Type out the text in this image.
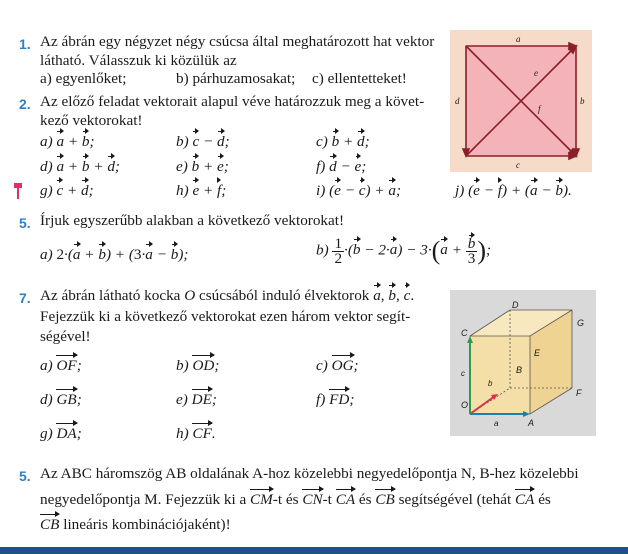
1. Az ábrán egy négyzet négy csúcsa által meghatározott hat vektor
látható. Válasszuk ki közülük az
a) egyenlőket;	b) párhuzamosakat; c) ellentetteket!
a
b
c
d
e
f
2. Az előző feladat vektorait alapul véve határozzuk meg a követ-
kező vektorokat!
a) a + b;	b) c − d;	c) b + d;
d) a + b + d;	e) b + e;	f) d − e;
g) c + d;	h) e + f;	i) (e − c) + a;	j) (e − f) + (a − b).
5. Írjuk egyszerűbb alakban a következő vektorokat!
a) 2·(a + b) + (3·a − b);	$b) \frac{1}{2} \cdot(b - 2\cdot a) - 3\cdot(a + \frac{b}{3}$ );
7. Az ábrán látható kocka O csúcsából induló élvektorok a, b, c.
Fejezzük ki a következő vektorokat ezen három vektor segít-
ségével!
a) OF;	b) OD;	c) OG;
d) GB;	e) DE;	f) FD;
g) DA;	h) CF.
A
B
C
D
E
F
G
O
a
b
c
5. Az ABC háromszög AB oldalának A-hoz közelebbi negyedelőpontja N, B-hez közelebbi
negyedelőpontja M. Fejezzük ki a CM-t és CN-t CA és CB segítségével (tehát CA és
CB lineáris kombinációjaként)!
